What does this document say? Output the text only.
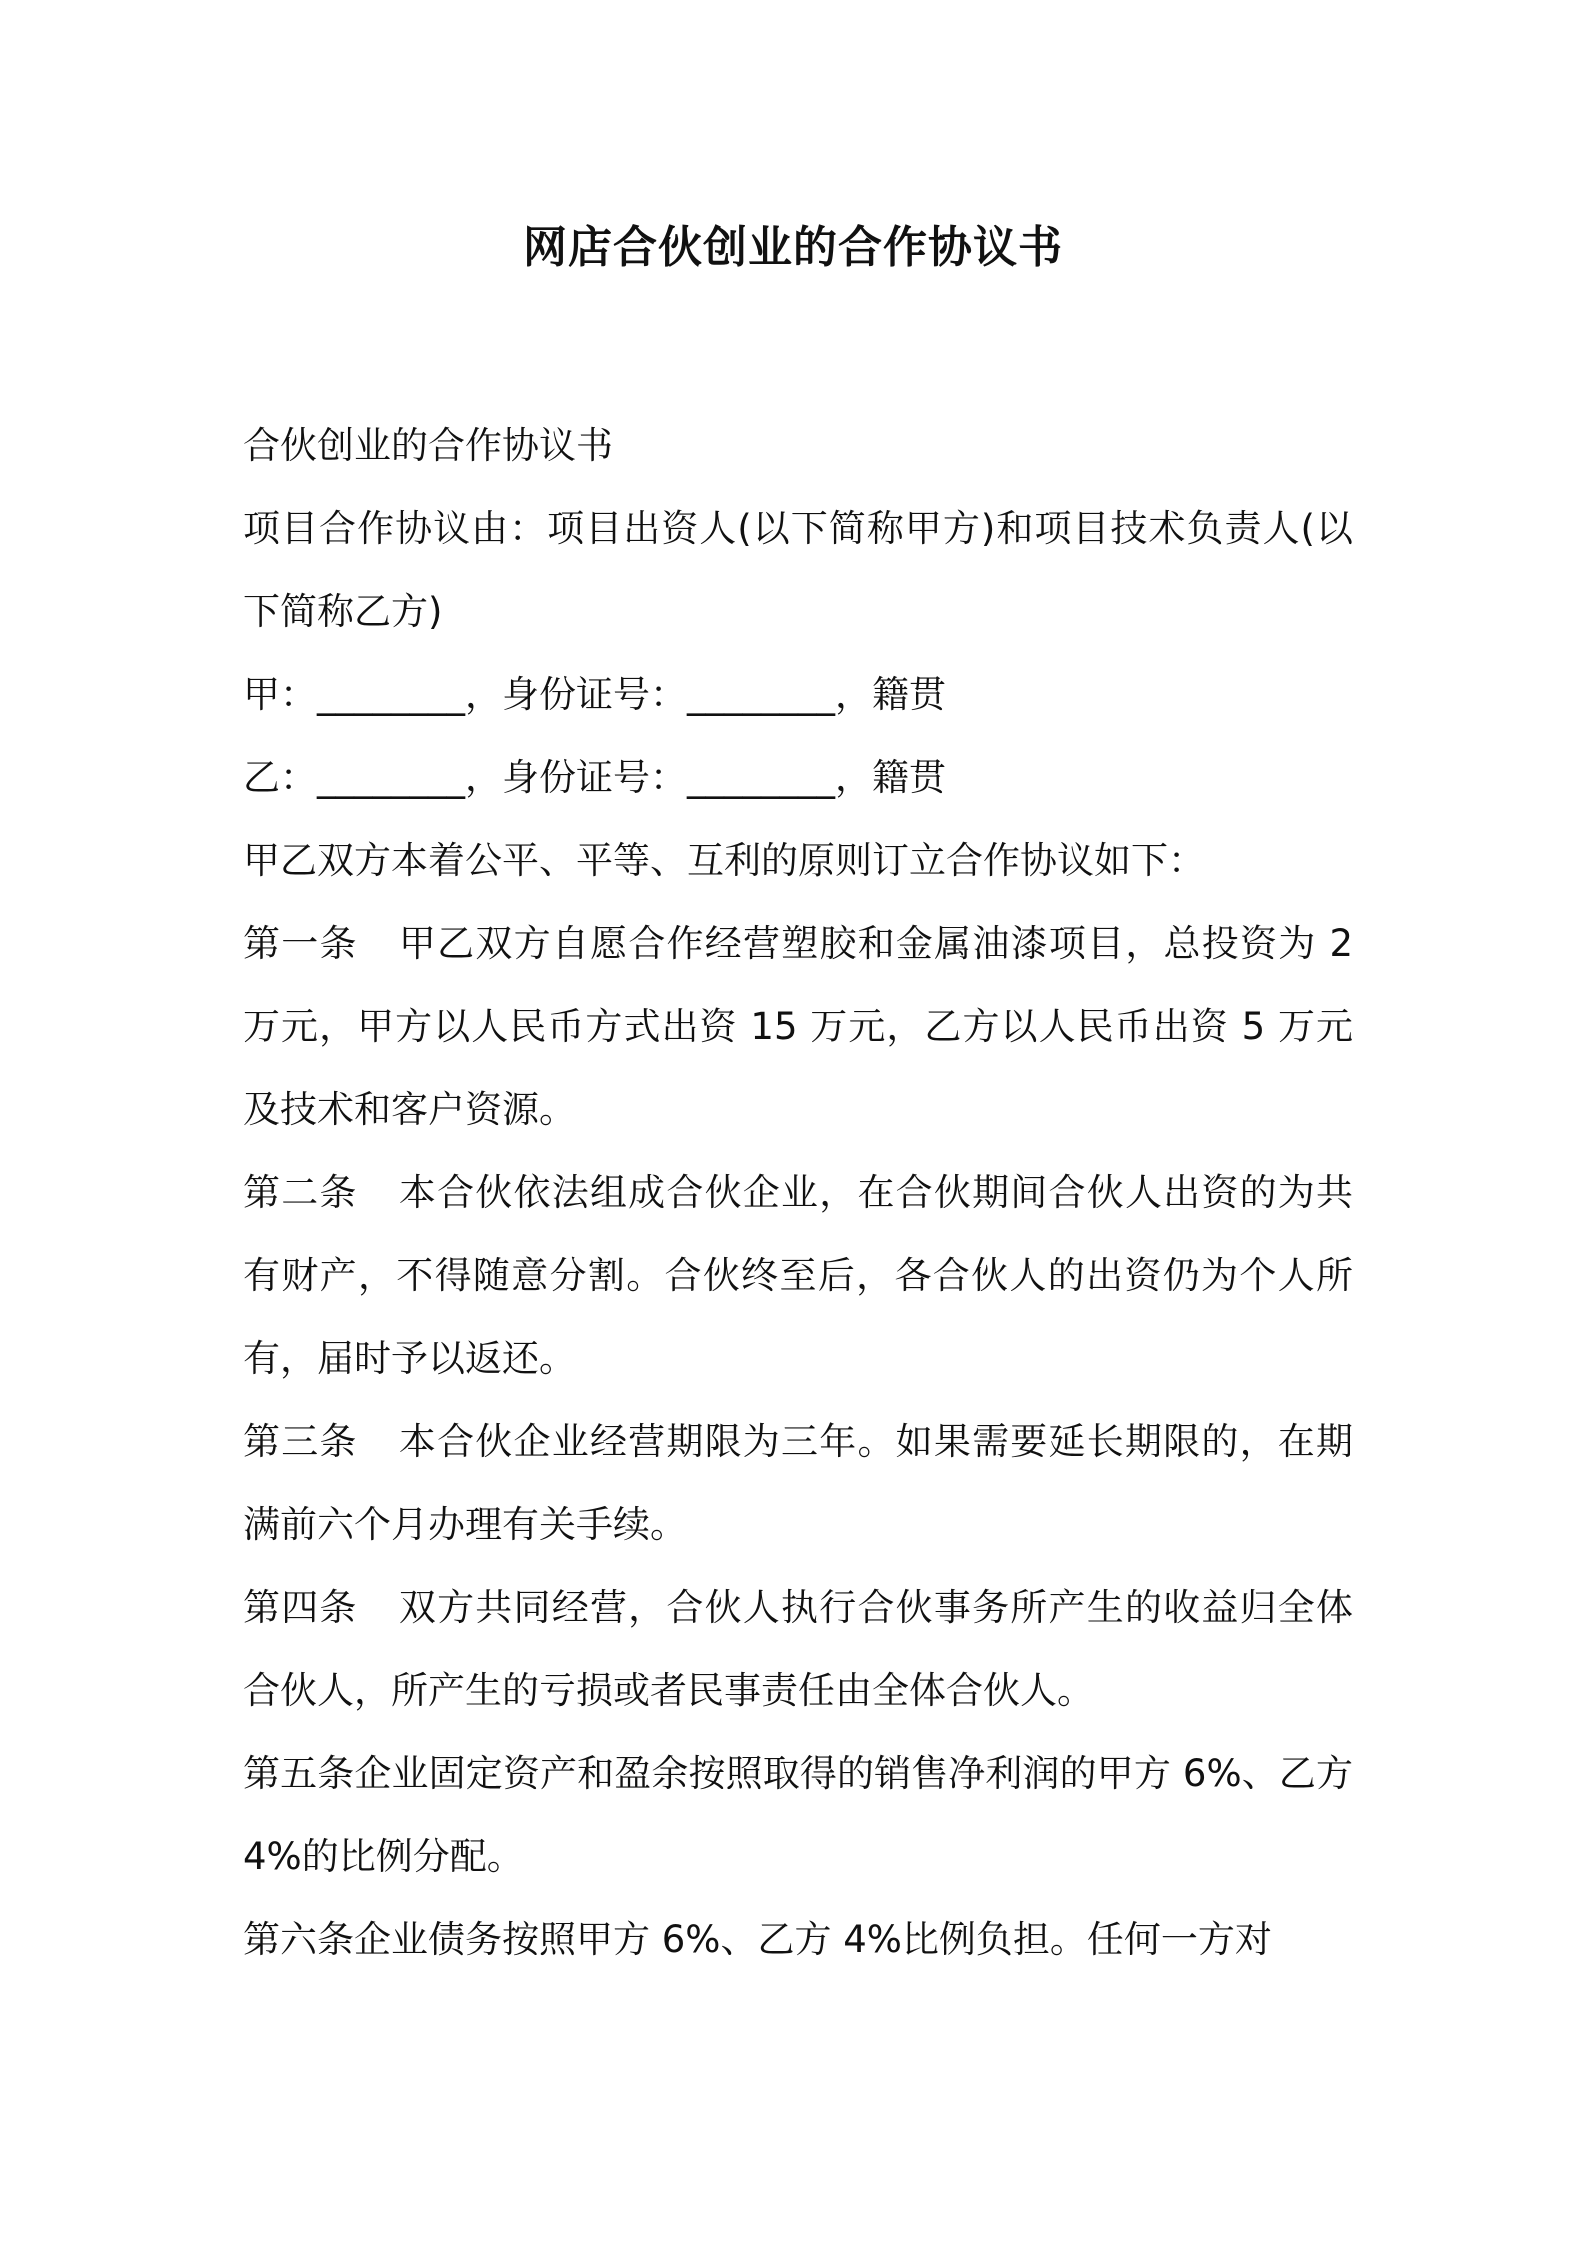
网店合伙创业的合作协议书

合伙创业的合作协议书

项目合作协议由：项目出资人(以下简称甲方)和项目技术负责人(以下简称乙方)

甲：________，身份证号：________，籍贯

乙：________，身份证号：________，籍贯

甲乙双方本着公平、平等、互利的原则订立合作协议如下：

第一条 甲乙双方自愿合作经营塑胶和金属油漆项目，总投资为 2 万元，甲方以人民币方式出资 15 万元，乙方以人民币出资 5 万元及技术和客户资源。

第二条 本合伙依法组成合伙企业，在合伙期间合伙人出资的为共有财产，不得随意分割。合伙终至后，各合伙人的出资仍为个人所有，届时予以返还。

第三条 本合伙企业经营期限为三年。如果需要延长期限的，在期满前六个月办理有关手续。

第四条 双方共同经营，合伙人执行合伙事务所产生的收益归全体合伙人，所产生的亏损或者民事责任由全体合伙人。

第五条企业固定资产和盈余按照取得的销售净利润的甲方 6%、乙方 4%的比例分配。

第六条企业债务按照甲方 6%、乙方 4%比例负担。任何一方对
